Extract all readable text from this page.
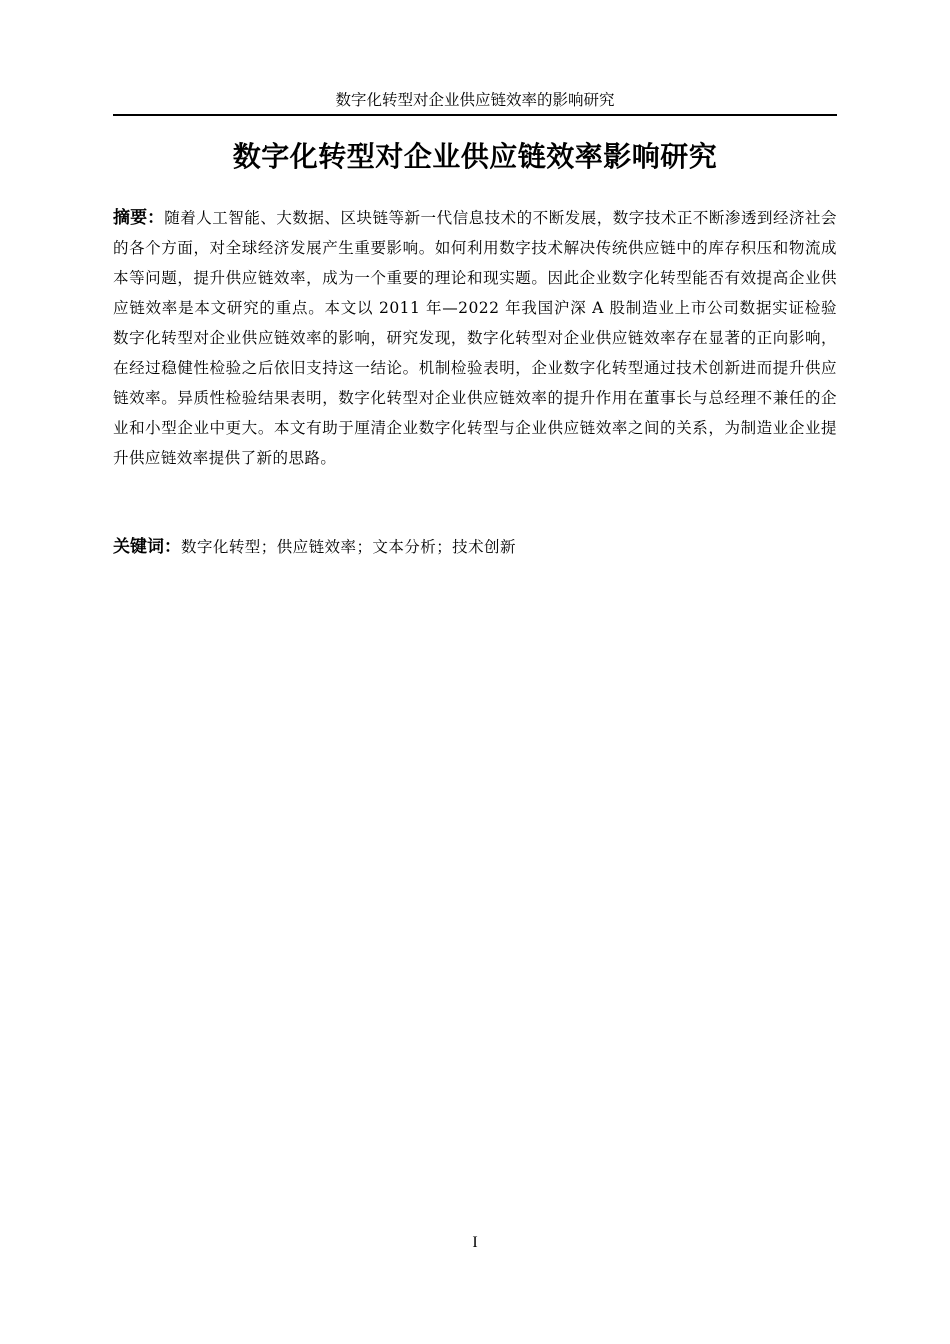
数字化转型对企业供应链效率的影响研究
数字化转型对企业供应链效率影响研究
摘要：随着人工智能、大数据、区块链等新一代信息技术的不断发展，数字技术正不断渗透到经济社会的各个方面，对全球经济发展产生重要影响。如何利用数字技术解决传统供应链中的库存积压和物流成本等问题，提升供应链效率，成为一个重要的理论和现实题。因此企业数字化转型能否有效提高企业供应链效率是本文研究的重点。本文以 2011 年—2022 年我国沪深 A 股制造业上市公司数据实证检验数字化转型对企业供应链效率的影响，研究发现，数字化转型对企业供应链效率存在显著的正向影响，在经过稳健性检验之后依旧支持这一结论。机制检验表明，企业数字化转型通过技术创新进而提升供应链效率。异质性检验结果表明，数字化转型对企业供应链效率的提升作用在董事长与总经理不兼任的企业和小型企业中更大。本文有助于厘清企业数字化转型与企业供应链效率之间的关系，为制造业企业提升供应链效率提供了新的思路。
关键词：数字化转型；供应链效率；文本分析；技术创新
I
